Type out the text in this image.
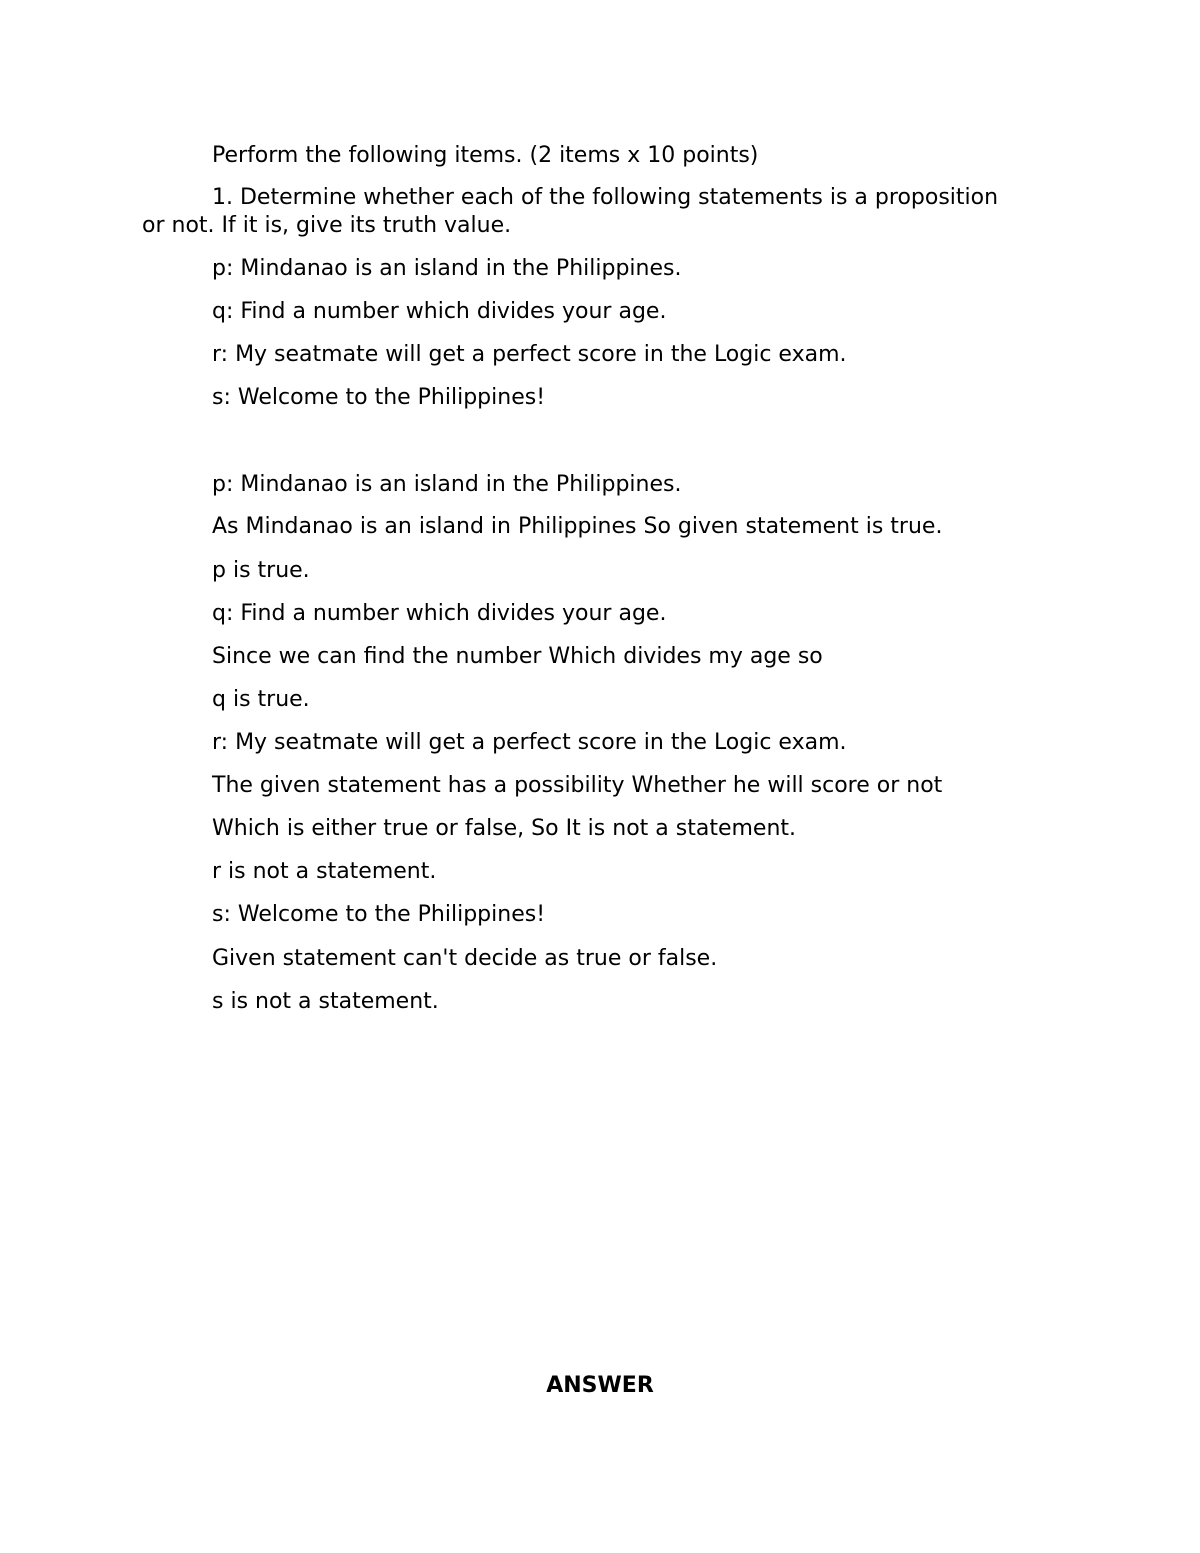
Perform the following items. (2 items x 10 points)

1. Determine whether each of the following statements is a proposition

or not. If it is, give its truth value.

p: Mindanao is an island in the Philippines.

q: Find a number which divides your age.

r: My seatmate will get a perfect score in the Logic exam.

s: Welcome to the Philippines!

p: Mindanao is an island in the Philippines.

As Mindanao is an island in Philippines So given statement is true.

p is true.

q: Find a number which divides your age.

Since we can find the number Which divides my age so

q is true.

r: My seatmate will get a perfect score in the Logic exam.

The given statement has a possibility Whether he will score or not

Which is either true or false, So It is not a statement.

r is not a statement.

s: Welcome to the Philippines!

Given statement can't decide as true or false.

s is not a statement.

ANSWER
